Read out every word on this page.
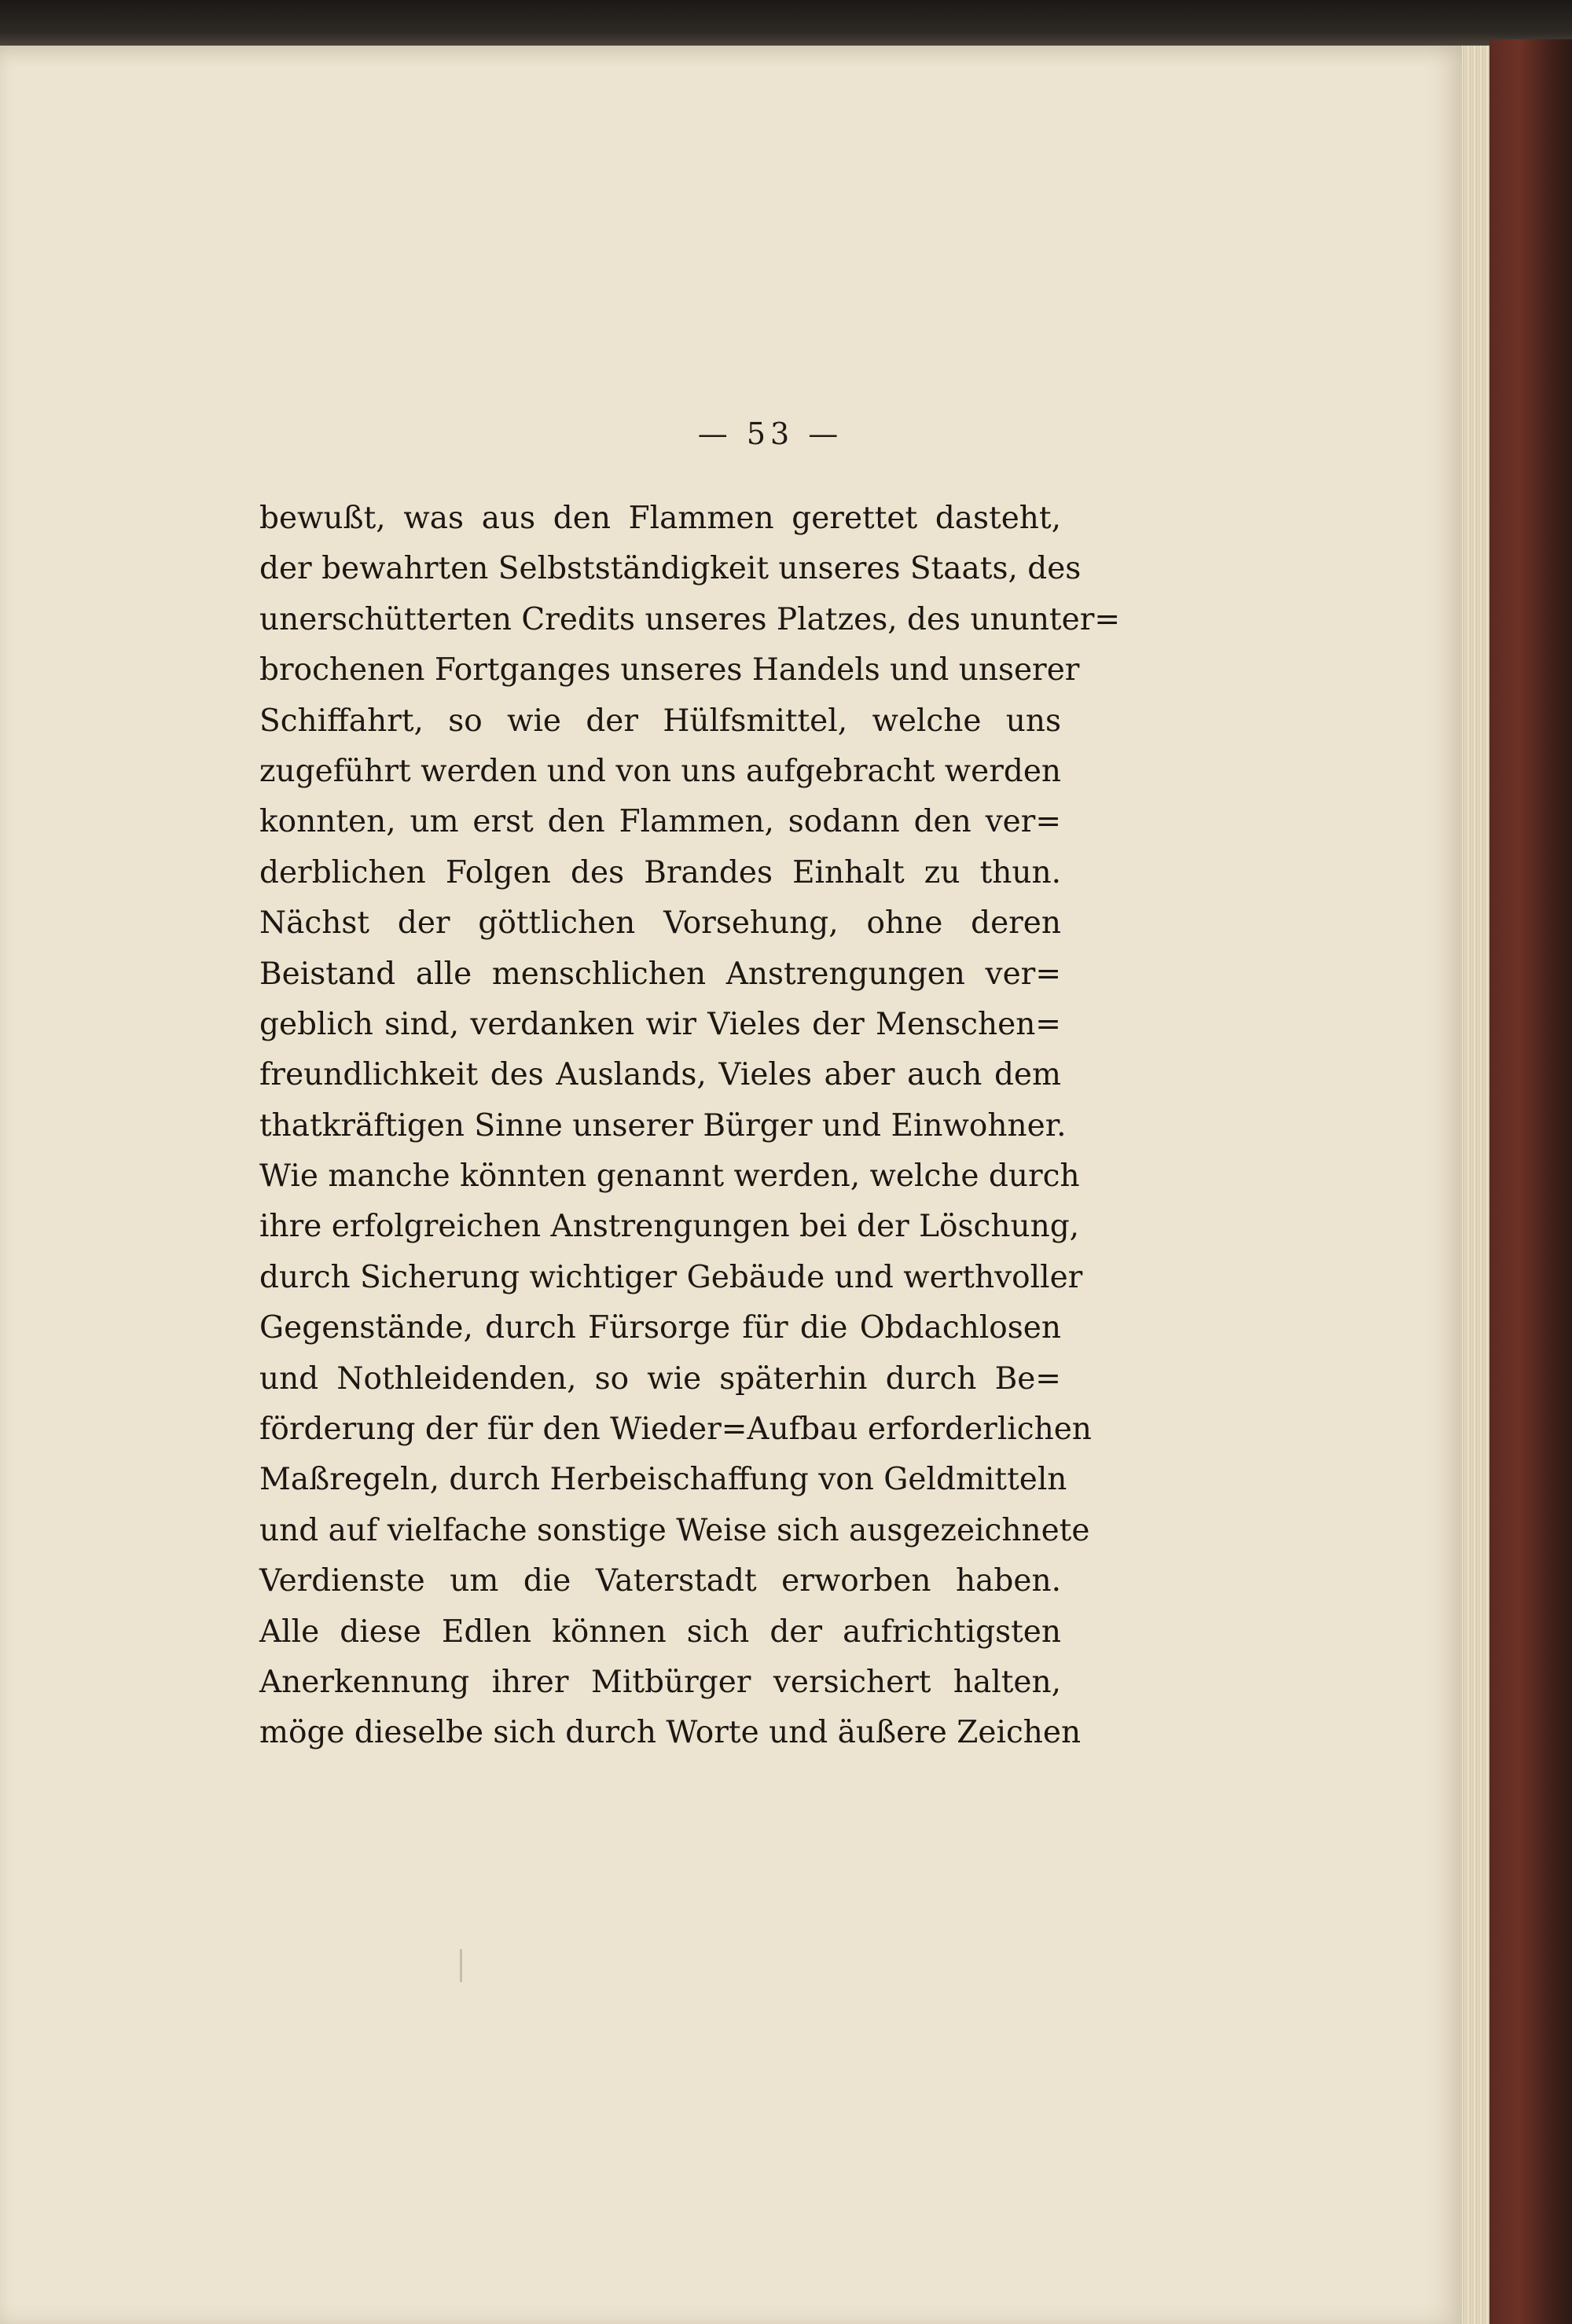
— 53 —
bewußt, was aus den Flammen gerettet dasteht,
der bewahrten Selbstständigkeit unseres Staats, des
unerschütterten Credits unseres Platzes, des ununter=
brochenen Fortganges unseres Handels und unserer
Schiffahrt, so wie der Hülfsmittel, welche uns
zugeführt werden und von uns aufgebracht werden
konnten, um erst den Flammen, sodann den ver=
derblichen Folgen des Brandes Einhalt zu thun.
Nächst der göttlichen Vorsehung, ohne deren
Beistand alle menschlichen Anstrengungen ver=
geblich sind, verdanken wir Vieles der Menschen=
freundlichkeit des Auslands, Vieles aber auch dem
thatkräftigen Sinne unserer Bürger und Einwohner.
Wie manche könnten genannt werden, welche durch
ihre erfolgreichen Anstrengungen bei der Löschung,
durch Sicherung wichtiger Gebäude und werthvoller
Gegenstände, durch Fürsorge für die Obdachlosen
und Nothleidenden, so wie späterhin durch Be=
förderung der für den Wieder=Aufbau erforderlichen
Maßregeln, durch Herbeischaffung von Geldmitteln
und auf vielfache sonstige Weise sich ausgezeichnete
Verdienste um die Vaterstadt erworben haben.
Alle diese Edlen können sich der aufrichtigsten
Anerkennung ihrer Mitbürger versichert halten,
möge dieselbe sich durch Worte und äußere Zeichen
